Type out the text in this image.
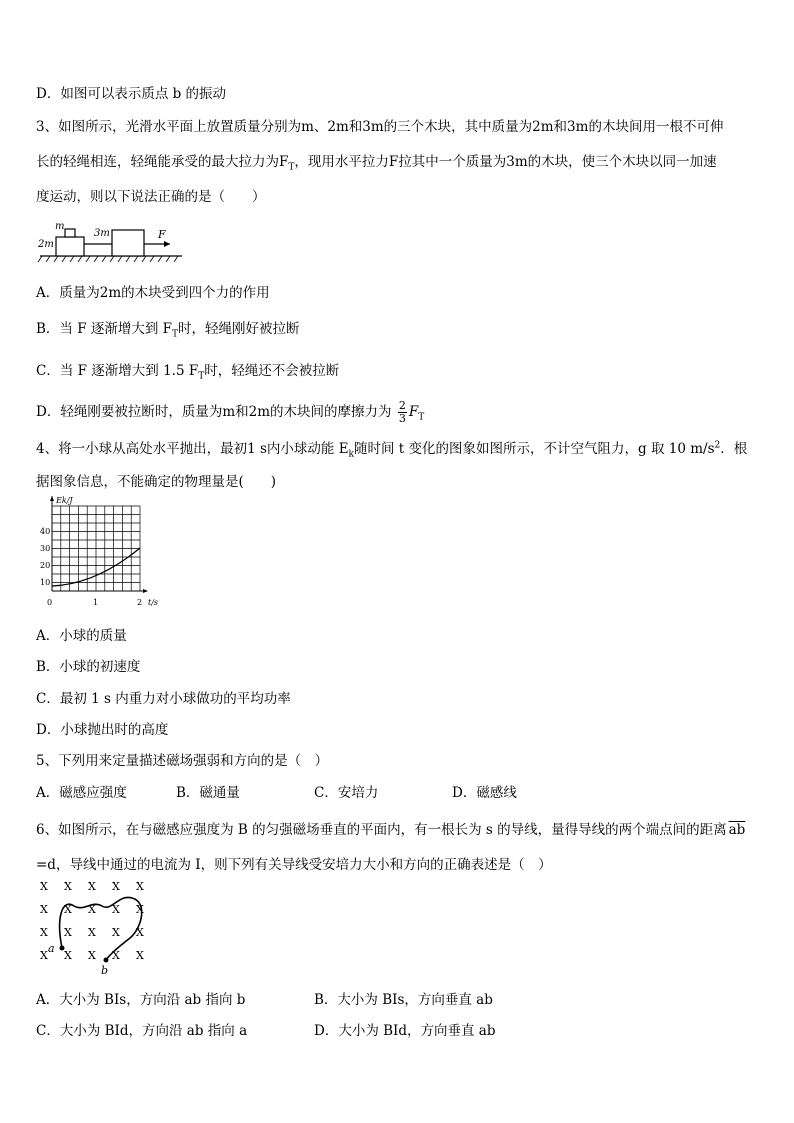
D．如图可以表示质点 b 的振动
3、如图所示，光滑水平面上放置质量分别为m、2m和3m的三个木块，其中质量为2m和3m的木块间用一根不可伸
长的轻绳相连，轻绳能承受的最大拉力为$F_T$，现用水平拉力F拉其中一个质量为3m的木块，使三个木块以同一加速
度运动，则以下说法正确的是（　　）
m
2m
3m	F
A．质量为2m的木块受到四个力的作用
B．当 F 逐渐增大到 $F_T$时，轻绳刚好被拉断
C．当 F 逐渐增大到 1.5 $F_T$时，轻绳还不会被拉断
D．轻绳刚要被拉断时，质量为m和2m的木块间的摩擦力为 $\frac{2}{3} F_T$
4、将一小球从高处水平抛出，最初1 s内小球动能 $E_k$随时间 t 变化的图象如图所示，不计空气阻力，g 取 10 $m/s^2$．根
据图象信息，不能确定的物理量是(　　)
Ek/J
40
30
20
10
0	1	2 t/s
A．小球的质量
B．小球的初速度
C．最初 1 s 内重力对小球做功的平均功率
D．小球抛出时的高度
5、下列用来定量描述磁场强弱和方向的是（　）
A．磁感应强度	B．磁通量	C．安培力	D．磁感线
6、如图所示，在与磁感应强度为 B 的匀强磁场垂直的平面内，有一根长为 s 的导线，量得导线的两个端点间的距离 $\overline{ab}$
=d，导线中通过的电流为 I，则下列有关导线受安培力大小和方向的正确表述是（　）
X X X X X
X X X X X
X X X X X
X X X X X
a
b
A．大小为 BIs，方向沿 ab 指向 b	B．大小为 BIs，方向垂直 ab
C．大小为 BId，方向沿 ab 指向 a	D．大小为 BId，方向垂直 ab
